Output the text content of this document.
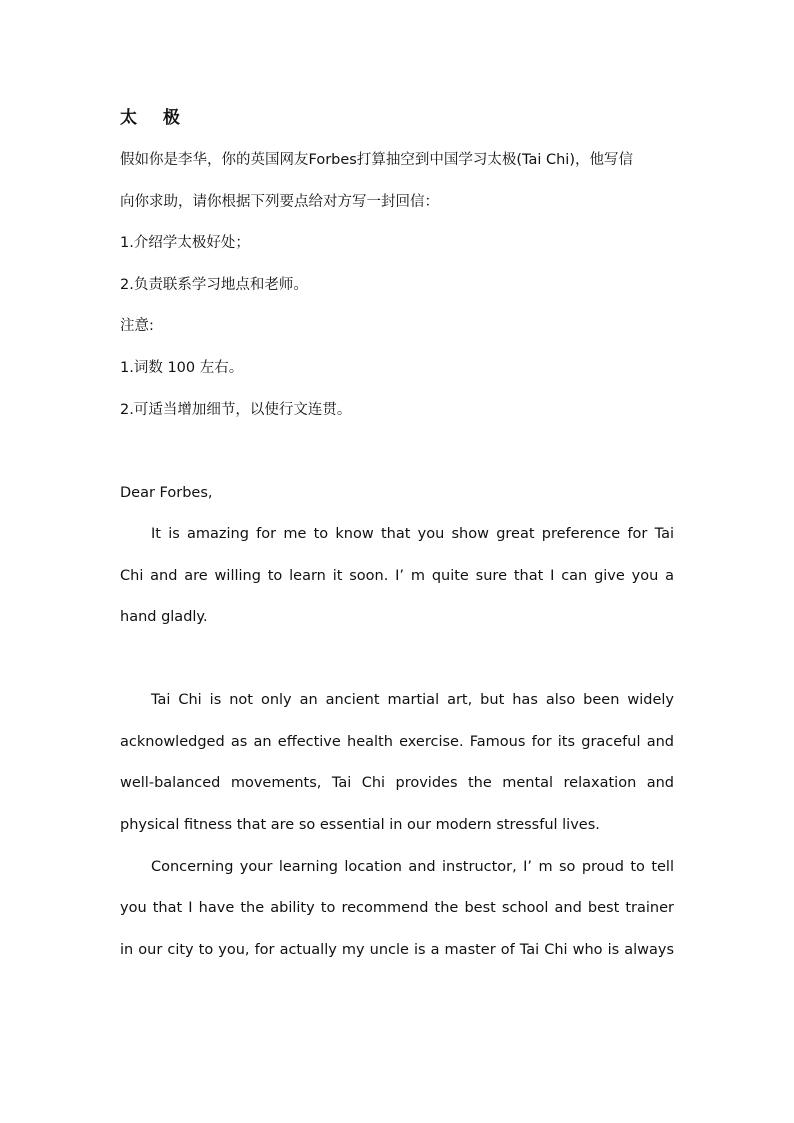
太 极
假如你是李华，你的英国网友Forbes打算抽空到中国学习太极(Tai Chi)，他写信
向你求助，请你根据下列要点给对方写一封回信：
1.介绍学太极好处；
2.负责联系学习地点和老师。
注意:
1.词数 100 左右。
2.可适当增加细节，以使行文连贯。
Dear Forbes,
It is amazing for me to know that you show great preference for Tai
Chi and are willing to learn it soon. I’ m quite sure that I can give you a
hand gladly.
Tai Chi is not only an ancient martial art, but has also been widely
acknowledged as an effective health exercise. Famous for its graceful and
well-balanced movements, Tai Chi provides the mental relaxation and
physical fitness that are so essential in our modern stressful lives.
Concerning your learning location and instructor, I’ m so proud to tell
you that I have the ability to recommend the best school and best trainer
in our city to you, for actually my uncle is a master of Tai Chi who is always
